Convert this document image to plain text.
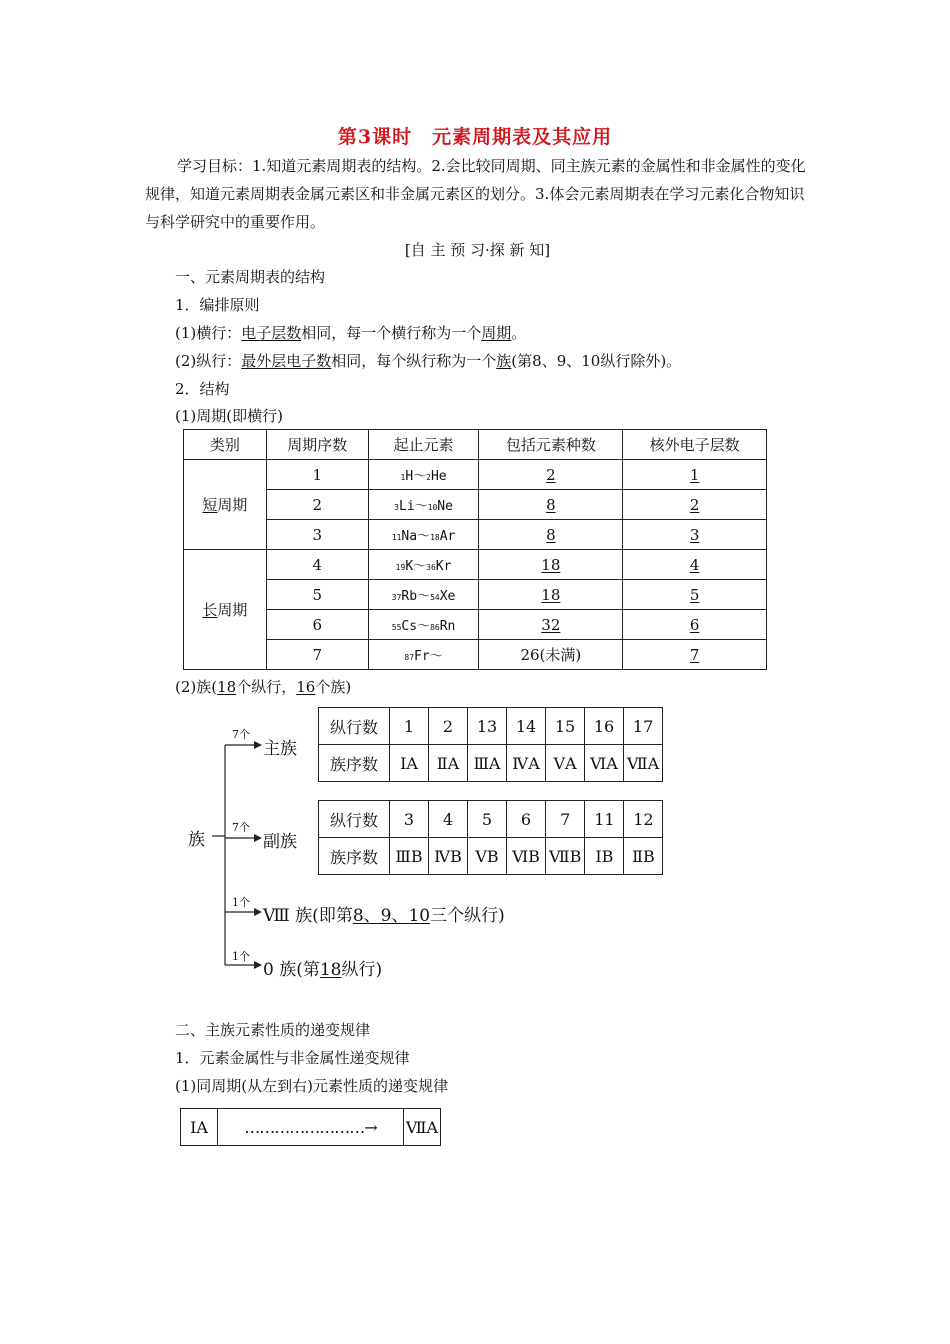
第3课时　元素周期表及其应用
学习目标：1.知道元素周期表的结构。2.会比较同周期、同主族元素的金属性和非金属性的变化规律，知道元素周期表金属元素区和非金属元素区的划分。3.体会元素周期表在学习元素化合物知识与科学研究中的重要作用。
[自 主 预 习·探 新 知]
一、元素周期表的结构
1．编排原则
(1)横行：电子层数相同，每一个横行称为一个周期。
(2)纵行：最外层电子数相同，每个纵行称为一个族(第8、9、10纵行除外)。
2．结构
(1)周期(即横行)
类别	周期序数	起止元素	包括元素种数	核外电子层数
短周期	1	1H～2He	2	1
	2	3Li～10Ne	8	2
	3	11Na～18Ar	8	3
长周期	4	19K～36Kr	18	4
	5	37Rb～54Xe	18	5
	6	55Cs～86Rn	32	6
	7	87Fr～	26(未满)	7
(2)族(18个纵行，16个族)
族
7个
主族
纵行数	1	2	13	14	15	16	17
族序数	ⅠA	ⅡA	ⅢA	ⅣA	ⅤA	ⅥA	ⅦA
7个
副族
纵行数	3	4	5	6	7	11	12
族序数	ⅢB	ⅣB	ⅤB	ⅥB	ⅦB	ⅠB	ⅡB
1个
Ⅷ 族(即第8、9、10三个纵行)
1个
0 族(第18纵行)
二、主族元素性质的递变规律
1．元素金属性与非金属性递变规律
(1)同周期(从左到右)元素性质的递变规律
ⅠA	……………………→	ⅦA
